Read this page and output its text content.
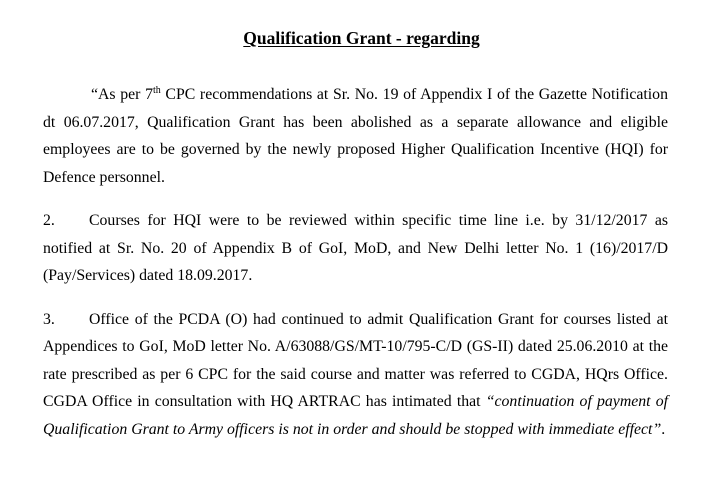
Qualification Grant - regarding

“As per 7th CPC recommendations at Sr. No. 19 of Appendix I of the Gazette Notification dt 06.07.2017, Qualification Grant has been abolished as a separate allowance and eligible employees are to be governed by the newly proposed Higher Qualification Incentive (HQI) for Defence personnel.

2. Courses for HQI were to be reviewed within specific time line i.e. by 31/12/2017 as notified at Sr. No. 20 of Appendix B of GoI, MoD, and New Delhi letter No. 1 (16)/2017/D (Pay/Services) dated 18.09.2017.

3. Office of the PCDA (O) had continued to admit Qualification Grant for courses listed at Appendices to GoI, MoD letter No. A/63088/GS/MT-10/795-C/D (GS-II) dated 25.06.2010 at the rate prescribed as per 6 CPC for the said course and matter was referred to CGDA, HQrs Office. CGDA Office in consultation with HQ ARTRAC has intimated that “continuation of payment of Qualification Grant to Army officers is not in order and should be stopped with immediate effect”.
